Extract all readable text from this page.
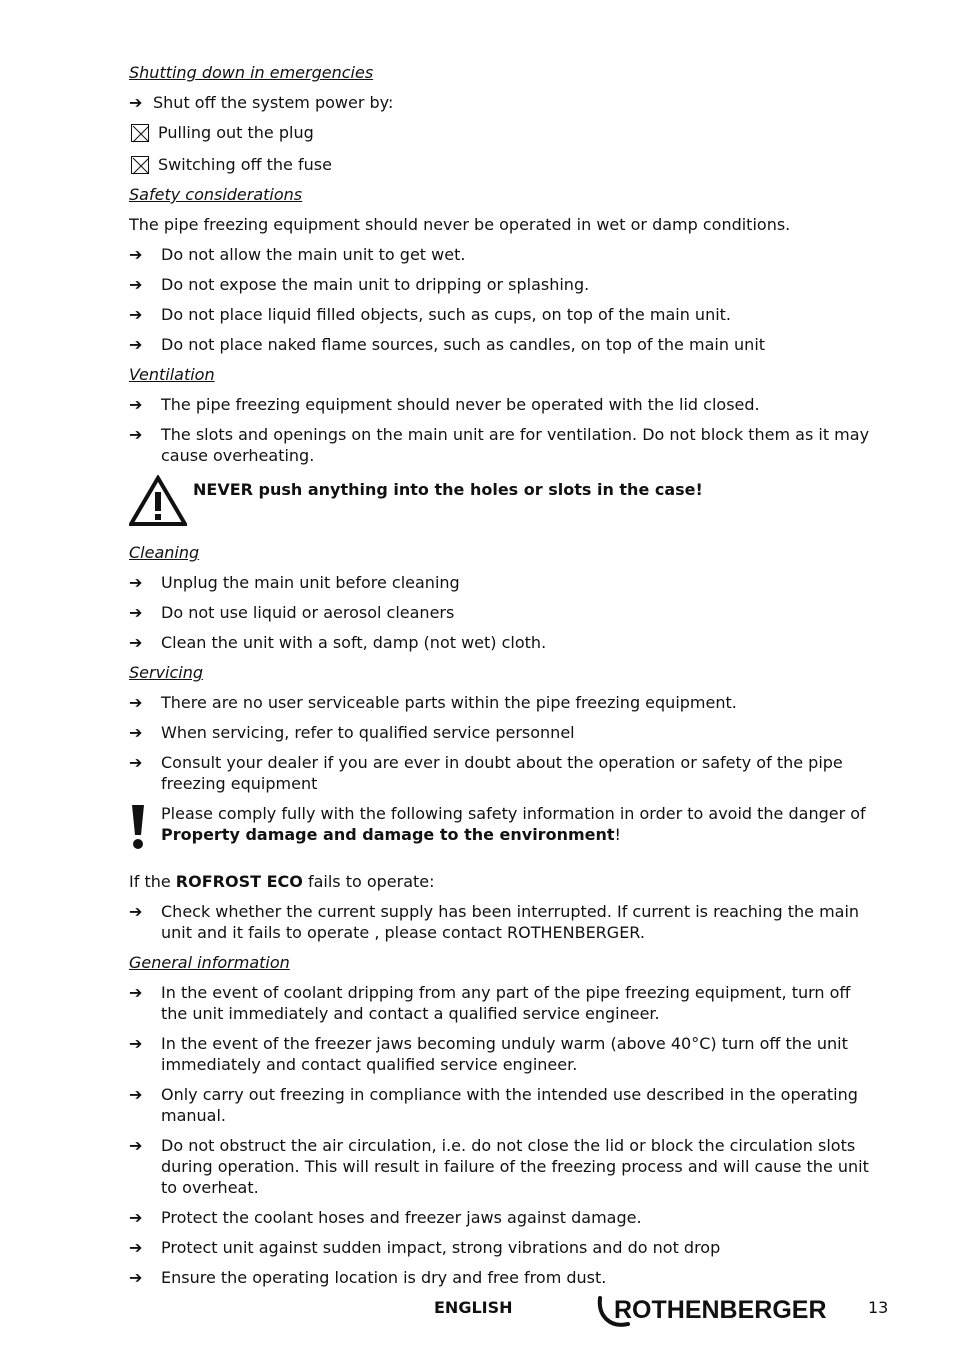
Shutting down in emergencies
➔ Shut off the system power by:
Pulling out the plug
Switching off the fuse
Safety considerations

The pipe freezing equipment should never be operated in wet or damp conditions.

➔	Do not allow the main unit to get wet.
➔	Do not expose the main unit to dripping or splashing.
➔	Do not place liquid filled objects, such as cups, on top of the main unit.
➔	Do not place naked flame sources, such as candles, on top of the main unit
Ventilation
➔	The pipe freezing equipment should never be operated with the lid closed.
➔	The slots and openings on the main unit are for ventilation. Do not block them as it may cause overheating.
NEVER push anything into the holes or slots in the case!
Cleaning
➔	Unplug the main unit before cleaning
➔	Do not use liquid or aerosol cleaners
➔	Clean the unit with a soft, damp (not wet) cloth.
Servicing
➔	There are no user serviceable parts within the pipe freezing equipment.
➔	When servicing, refer to qualified service personnel
➔	Consult your dealer if you are ever in doubt about the operation or safety of the pipe freezing equipment
Please comply fully with the following safety information in order to avoid the danger of Property damage and damage to the environment!

If the ROFROST ECO fails to operate:

➔	Check whether the current supply has been interrupted. If current is reaching the main unit and it fails to operate , please contact ROTHENBERGER.
General information
➔	In the event of coolant dripping from any part of the pipe freezing equipment, turn off the unit immediately and contact a qualified service engineer.
➔	In the event of the freezer jaws becoming unduly warm (above 40°C) turn off the unit immediately and contact qualified service engineer.
➔	Only carry out freezing in compliance with the intended use described in the operating manual.
➔	Do not obstruct the air circulation, i.e. do not close the lid or block the circulation slots during operation. This will result in failure of the freezing process and will cause the unit to overheat.
➔	Protect the coolant hoses and freezer jaws against damage.
➔	Protect unit against sudden impact, strong vibrations and do not drop
➔	Ensure the operating location is dry and free from dust.
ENGLISH	ROTHENBERGER	13
